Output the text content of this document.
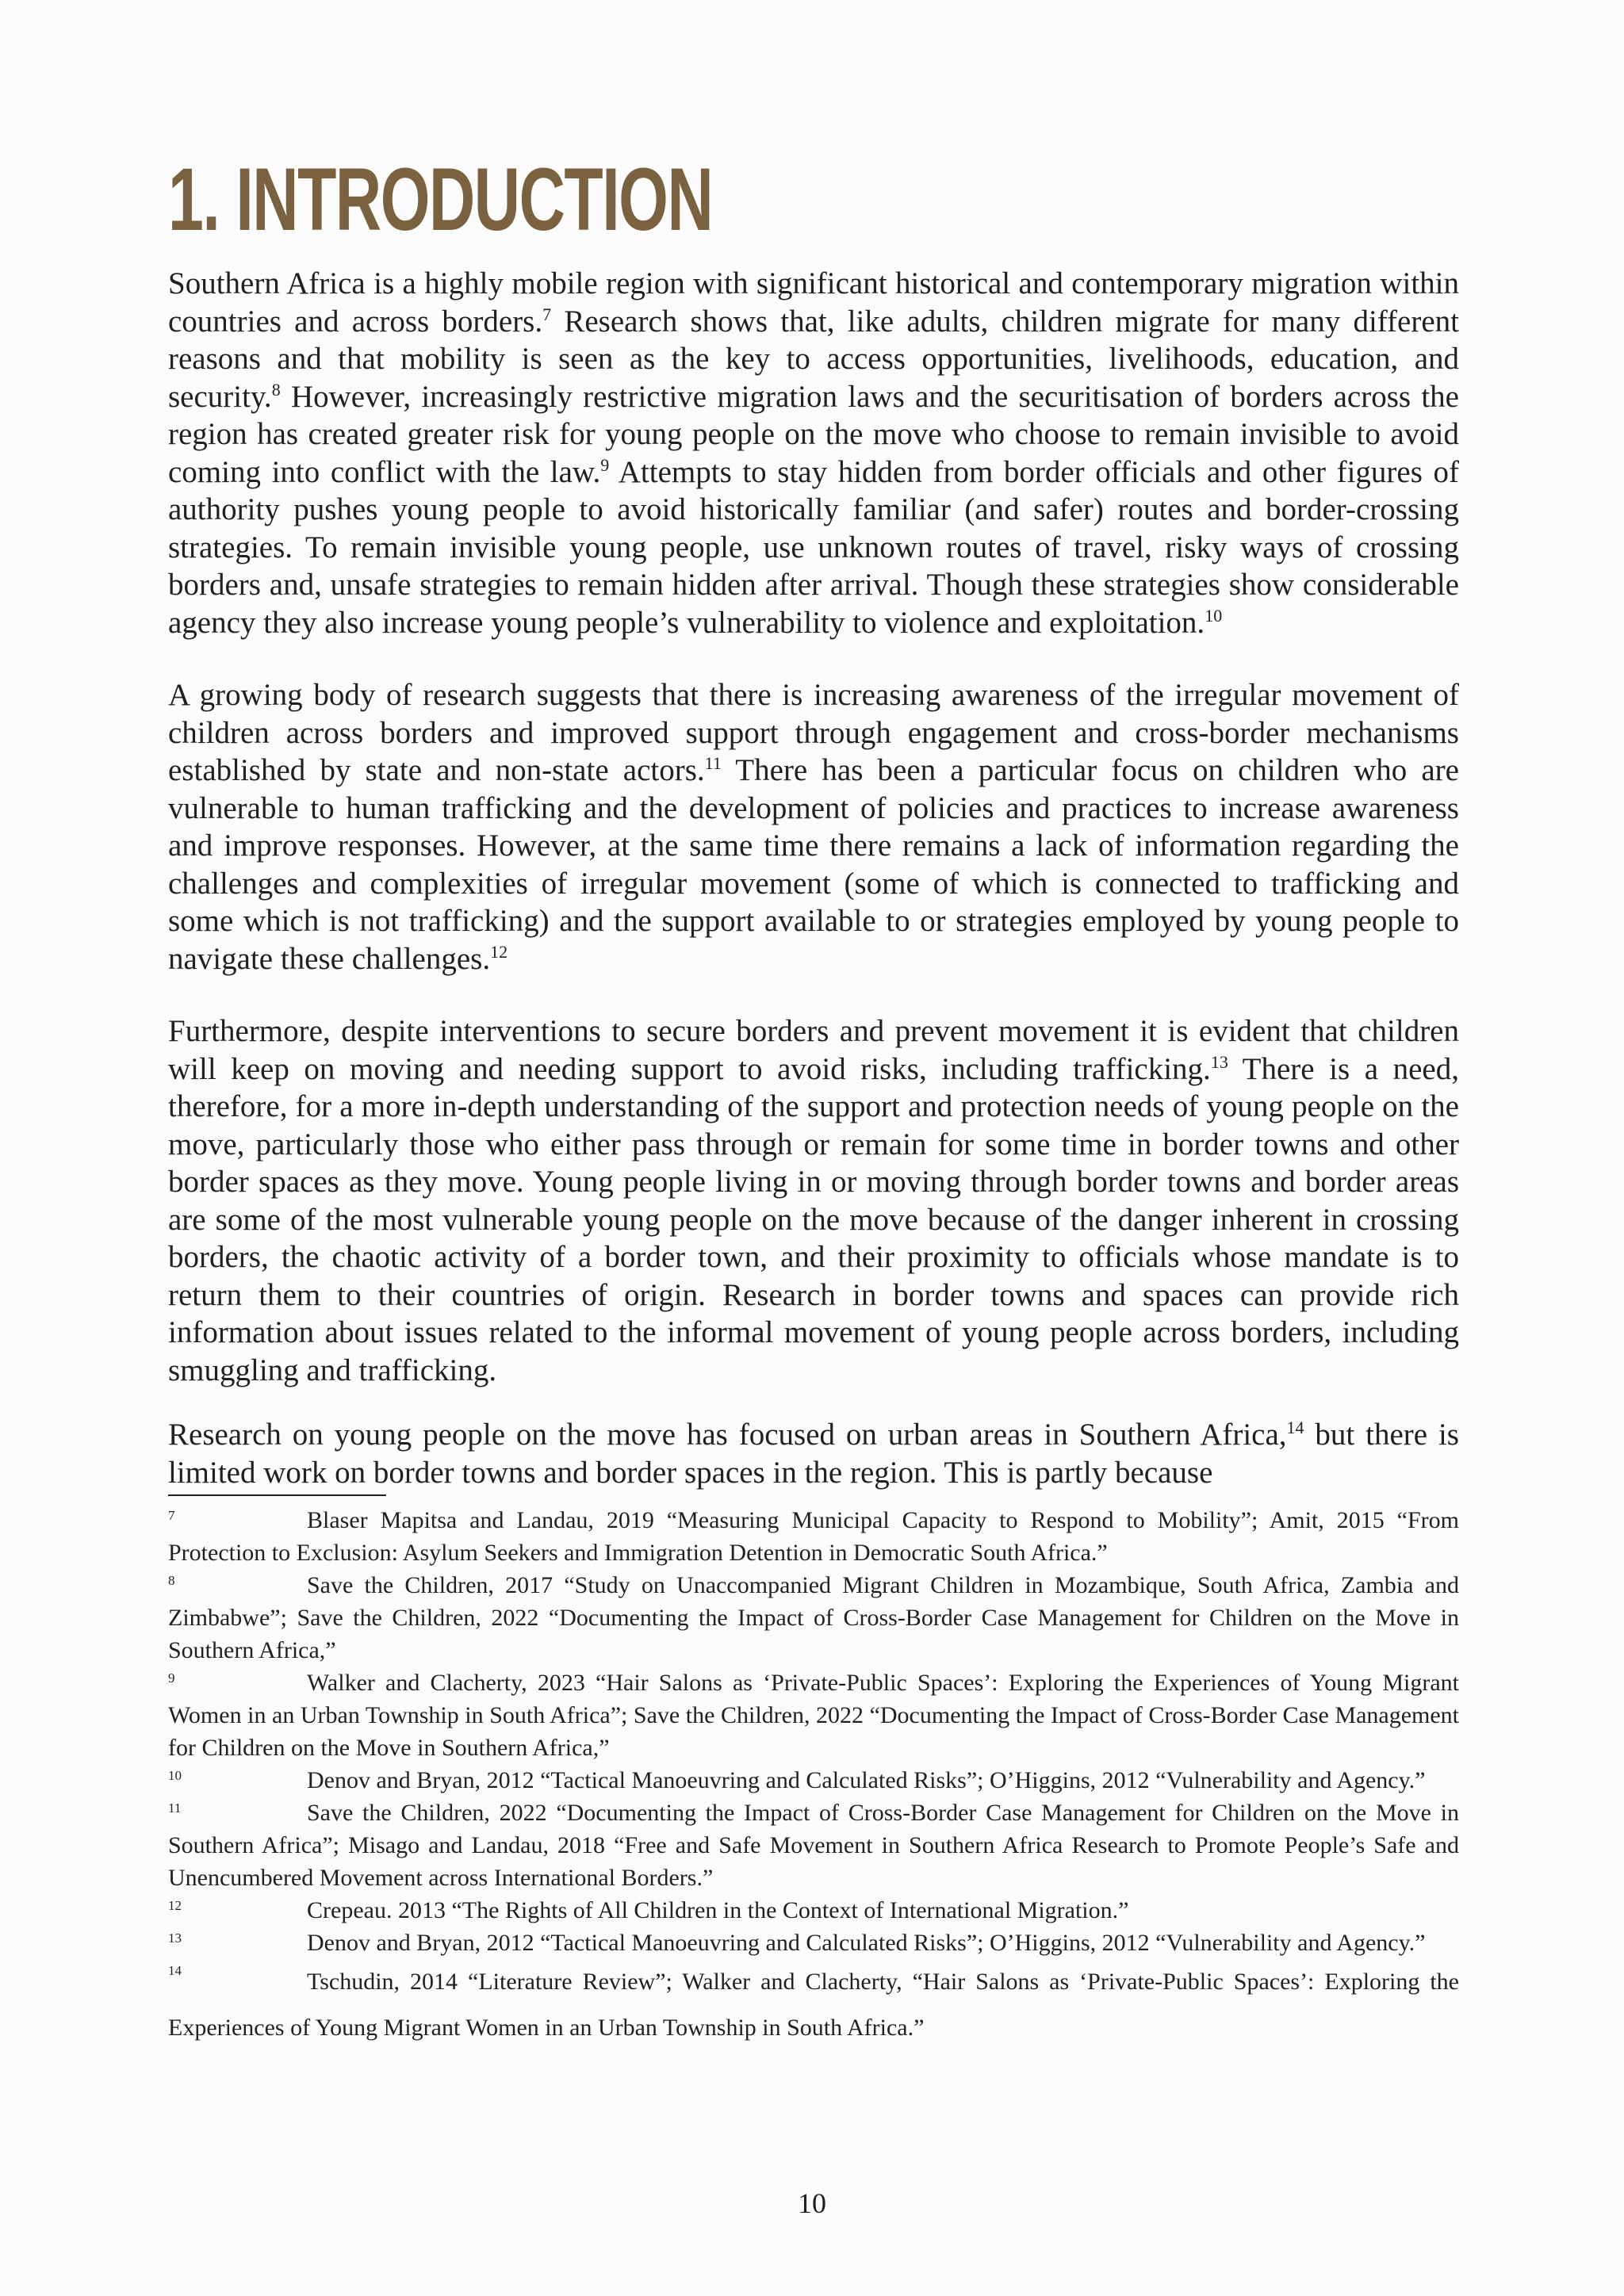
1. INTRODUCTION

Southern Africa is a highly mobile region with significant historical and contemporary migration within countries and across borders.$^7$ Research shows that, like adults, children migrate for many different reasons and that mobility is seen as the key to access opportunities, livelihoods, education, and security.$^8$ However, increasingly restrictive migration laws and the securitisation of borders across the region has created greater risk for young people on the move who choose to remain invisible to avoid coming into conflict with the law.$^9$ Attempts to stay hidden from border officials and other figures of authority pushes young people to avoid historically familiar (and safer) routes and border-crossing strategies. To remain invisible young people, use unknown routes of travel, risky ways of crossing borders and, unsafe strategies to remain hidden after arrival. Though these strategies show considerable agency they also increase young people’s vulnerability to violence and exploitation.$^{10}$

A growing body of research suggests that there is increasing awareness of the irregular movement of children across borders and improved support through engagement and cross-border mechanisms established by state and non-state actors.$^{11}$ There has been a particular focus on children who are vulnerable to human trafficking and the development of policies and practices to increase awareness and improve responses. However, at the same time there remains a lack of information regarding the challenges and complexities of irregular movement (some of which is connected to trafficking and some which is not trafficking) and the support available to or strategies employed by young people to navigate these challenges.$^{12}$

Furthermore, despite interventions to secure borders and prevent movement it is evident that children will keep on moving and needing support to avoid risks, including trafficking.$^{13}$ There is a need, therefore, for a more in-depth understanding of the support and protection needs of young people on the move, particularly those who either pass through or remain for some time in border towns and other border spaces as they move. Young people living in or moving through border towns and border areas are some of the most vulnerable young people on the move because of the danger inherent in crossing borders, the chaotic activity of a border town, and their proximity to officials whose mandate is to return them to their countries of origin. Research in border towns and spaces can provide rich information about issues related to the informal movement of young people across borders, including smuggling and trafficking.

Research on young people on the move has focused on urban areas in Southern Africa,$^{14}$ but there is limited work on border towns and border spaces in the region. This is partly because

7	Blaser Mapitsa and Landau, 2019 “Measuring Municipal Capacity to Respond to Mobility”; Amit, 2015 “From Protection to Exclusion: Asylum Seekers and Immigration Detention in Democratic South Africa.”

8	Save the Children, 2017 “Study on Unaccompanied Migrant Children in Mozambique, South Africa, Zambia and Zimbabwe”; Save the Children, 2022 “Documenting the Impact of Cross-Border Case Management for Children on the Move in Southern Africa,”

9	Walker and Clacherty, 2023 “Hair Salons as ‘Private-Public Spaces’: Exploring the Experiences of Young Migrant Women in an Urban Township in South Africa”; Save the Children, 2022 “Documenting the Impact of Cross-Border Case Management for Children on the Move in Southern Africa,”

10	Denov and Bryan, 2012 “Tactical Manoeuvring and Calculated Risks”; O’Higgins, 2012 “Vulnerability and Agency.”

11	Save the Children, 2022 “Documenting the Impact of Cross-Border Case Management for Children on the Move in Southern Africa”; Misago and Landau, 2018 “Free and Safe Movement in Southern Africa Research to Promote People’s Safe and Unencumbered Movement across International Borders.”

12	Crepeau. 2013 “The Rights of All Children in the Context of International Migration.”

13	Denov and Bryan, 2012 “Tactical Manoeuvring and Calculated Risks”; O’Higgins, 2012 “Vulnerability and Agency.”

14	Tschudin, 2014 “Literature Review”; Walker and Clacherty, “Hair Salons as ‘Private-Public Spaces’: Exploring the Experiences of Young Migrant Women in an Urban Township in South Africa.”

10
